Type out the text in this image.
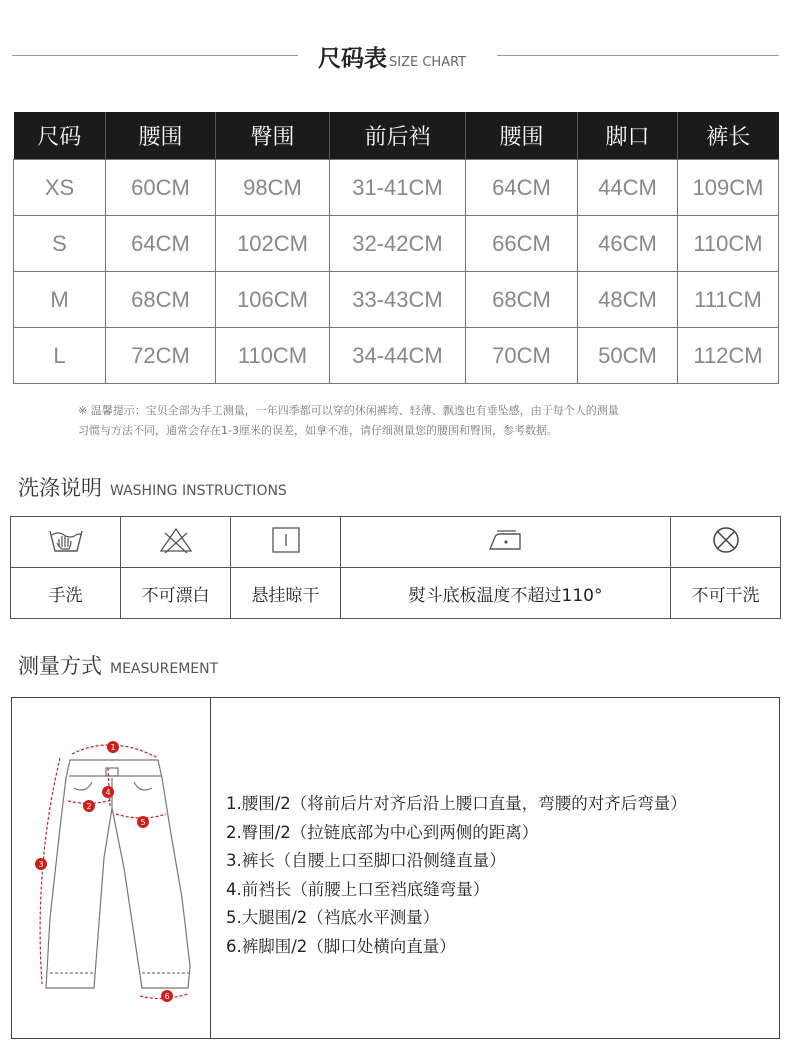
尺码表 SIZE CHART
尺码	腰围	臀围	前后裆	腰围	脚口	裤长
XS	60CM	98CM	31-41CM	64CM	44CM	109CM
S	64CM	102CM	32-42CM	66CM	46CM	110CM
M	68CM	106CM	33-43CM	68CM	48CM	111CM
L	72CM	110CM	34-44CM	70CM	50CM	112CM
※ 温馨提示：宝贝全部为手工测量，一年四季都可以穿的休闲裤垮、轻薄、飘逸也有垂坠感，由于每个人的测量
习惯与方法不同，通常会存在1-3厘米的误差，如拿不准，请仔细测量您的腰围和臀围，参考数据。
洗涤说明 WASHING INSTRUCTIONS

手洗	不可漂白	悬挂晾干	熨斗底板温度不超过110°	不可干洗
测量方式 MEASUREMENT
1
2
3
4
5
6
1.腰围/2（将前后片对齐后沿上腰口直量，弯腰的对齐后弯量）
2.臀围/2（拉链底部为中心到两侧的距离）
3.裤长（自腰上口至脚口沿侧缝直量）
4.前裆长（前腰上口至裆底缝弯量）
5.大腿围/2（裆底水平测量）
6.裤脚围/2（脚口处横向直量）
